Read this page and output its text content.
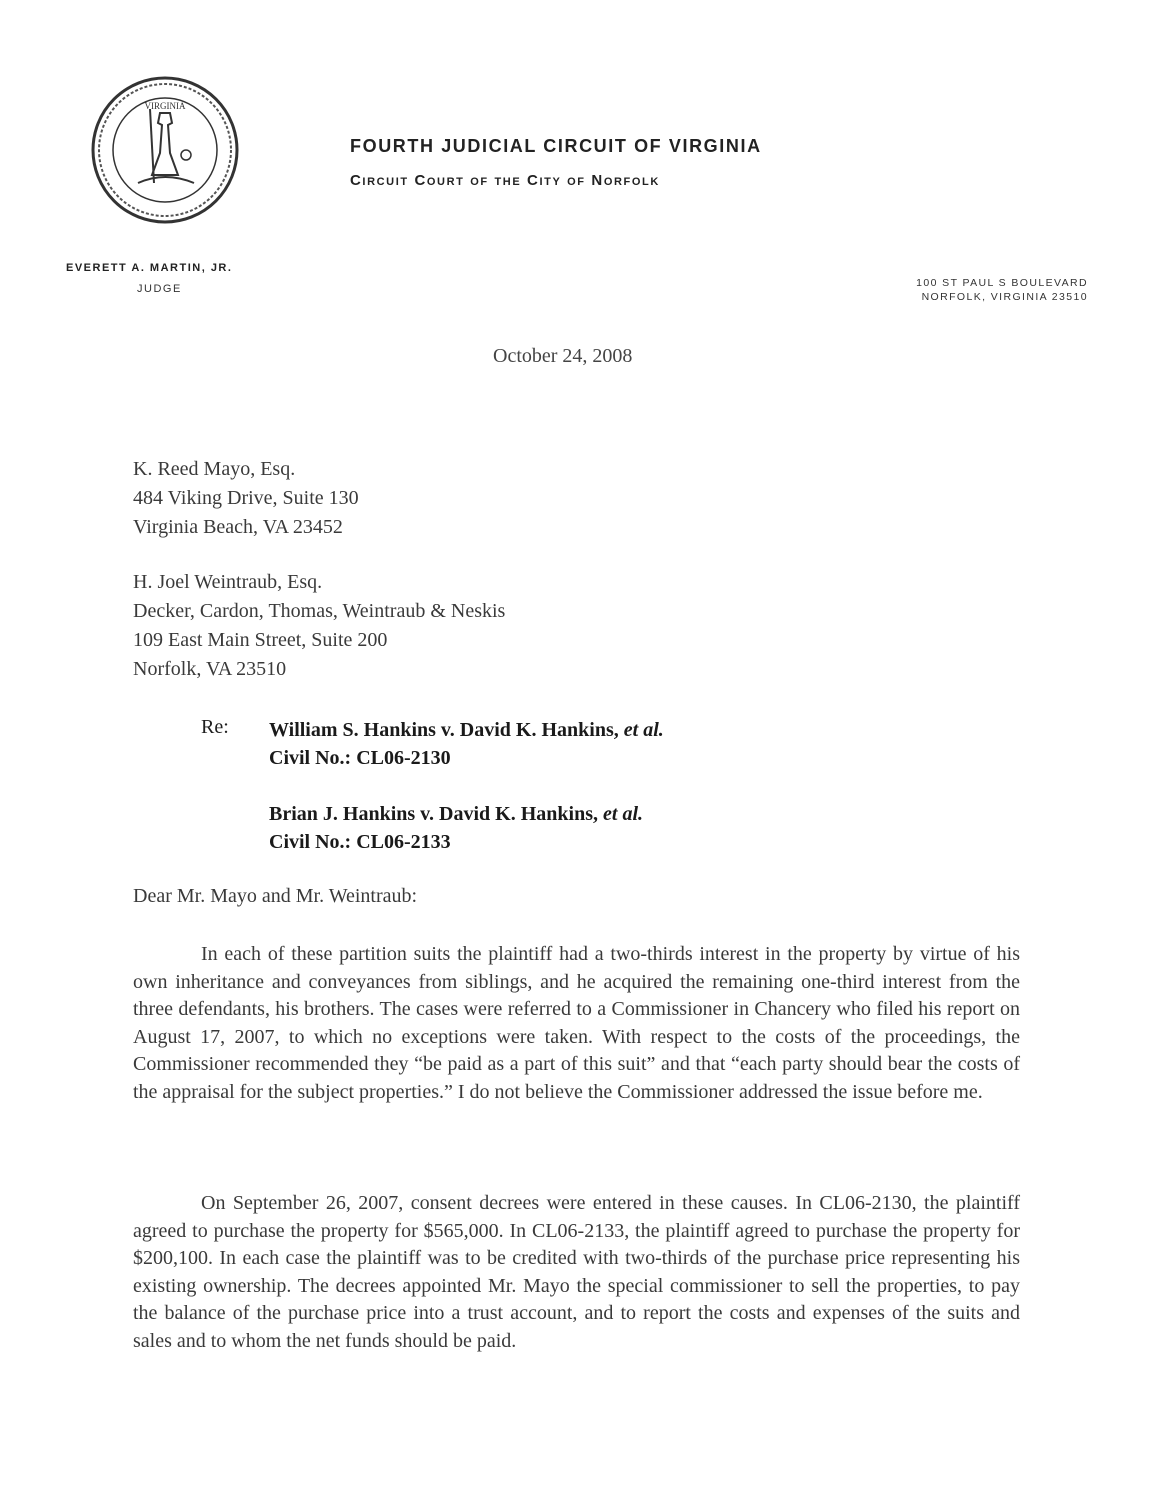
VIRGINIA
FOURTH JUDICIAL CIRCUIT OF VIRGINIA
Circuit Court of the City of Norfolk
EVERETT A. MARTIN, JR.
JUDGE	100 ST PAUL S BOULEVARD
NORFOLK, VIRGINIA 23510
October 24, 2008
K. Reed Mayo, Esq.
484 Viking Drive, Suite 130
Virginia Beach, VA 23452
H. Joel Weintraub, Esq.
Decker, Cardon, Thomas, Weintraub & Neskis
109 East Main Street, Suite 200
Norfolk, VA 23510
Re: William S. Hankins v. David K. Hankins, et al.
Civil No.: CL06-2130
Brian J. Hankins v. David K. Hankins, et al.
Civil No.: CL06-2133
Dear Mr. Mayo and Mr. Weintraub:
In each of these partition suits the plaintiff had a two-thirds interest in the property by virtue of his own inheritance and conveyances from siblings, and he acquired the remaining one-third interest from the three defendants, his brothers. The cases were referred to a Commissioner in Chancery who filed his report on August 17, 2007, to which no exceptions were taken. With respect to the costs of the proceedings, the Commissioner recommended they “be paid as a part of this suit” and that “each party should bear the costs of the appraisal for the subject properties.” I do not believe the Commissioner addressed the issue before me.
On September 26, 2007, consent decrees were entered in these causes. In CL06-2130, the plaintiff agreed to purchase the property for $565,000. In CL06-2133, the plaintiff agreed to purchase the property for $200,100. In each case the plaintiff was to be credited with two-thirds of the purchase price representing his existing ownership. The decrees appointed Mr. Mayo the special commissioner to sell the properties, to pay the balance of the purchase price into a trust account, and to report the costs and expenses of the suits and sales and to whom the net funds should be paid.
